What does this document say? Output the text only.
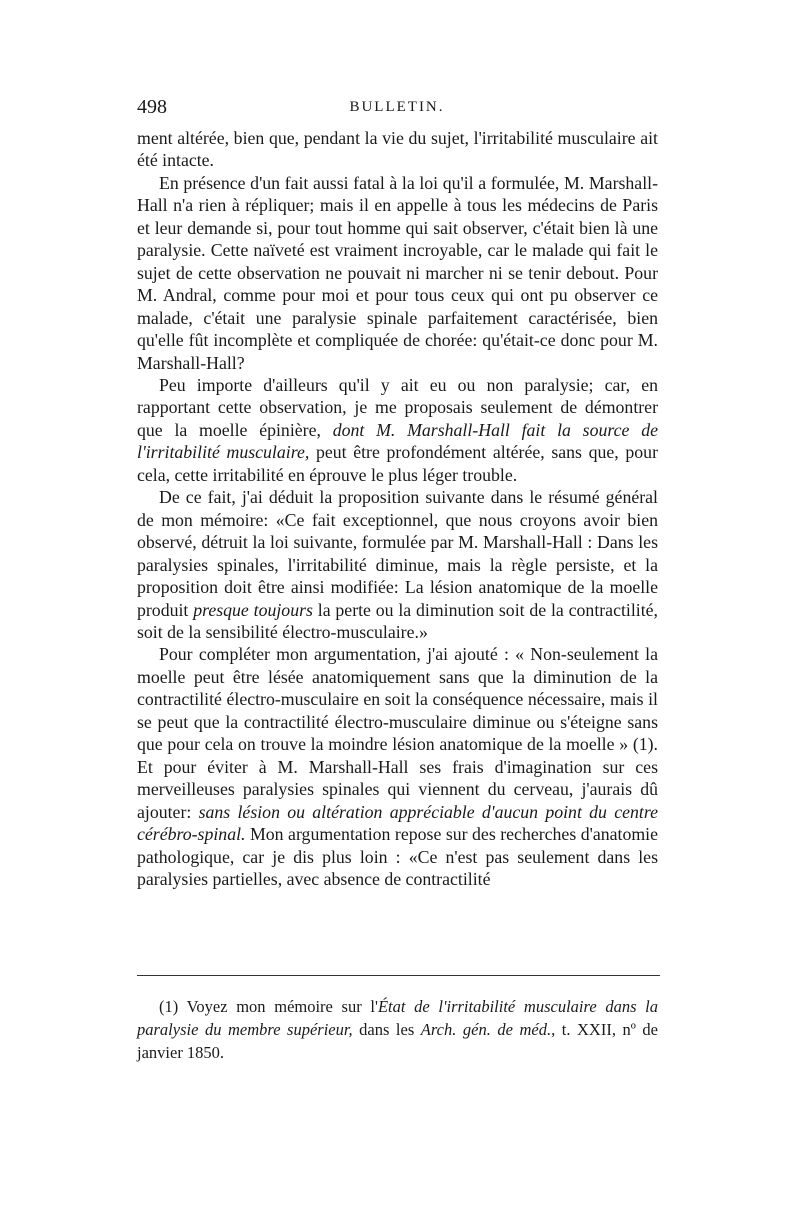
498	BULLETIN.

ment altérée, bien que, pendant la vie du sujet, l'irritabilité musculaire ait été intacte.

En présence d'un fait aussi fatal à la loi qu'il a formulée, M. Marshall-Hall n'a rien à répliquer; mais il en appelle à tous les médecins de Paris et leur demande si, pour tout homme qui sait observer, c'était bien là une paralysie. Cette naïveté est vraiment incroyable, car le malade qui fait le sujet de cette observation ne pouvait ni marcher ni se tenir debout. Pour M. Andral, comme pour moi et pour tous ceux qui ont pu observer ce malade, c'était une paralysie spinale parfaitement caractérisée, bien qu'elle fût incomplète et compliquée de chorée: qu'était-ce donc pour M. Marshall-Hall?

Peu importe d'ailleurs qu'il y ait eu ou non paralysie; car, en rapportant cette observation, je me proposais seulement de démontrer que la moelle épinière, dont M. Marshall-Hall fait la source de l'irritabilité musculaire, peut être profondément altérée, sans que, pour cela, cette irritabilité en éprouve le plus léger trouble.

De ce fait, j'ai déduit la proposition suivante dans le résumé général de mon mémoire: «Ce fait exceptionnel, que nous croyons avoir bien observé, détruit la loi suivante, formulée par M. Marshall-Hall : Dans les paralysies spinales, l'irritabilité diminue, mais la règle persiste, et la proposition doit être ainsi modifiée: La lésion anatomique de la moelle produit presque toujours la perte ou la diminution soit de la contractilité, soit de la sensibilité électro-musculaire.»

Pour compléter mon argumentation, j'ai ajouté : « Non-seulement la moelle peut être lésée anatomiquement sans que la diminution de la contractilité électro-musculaire en soit la conséquence nécessaire, mais il se peut que la contractilité électro-musculaire diminue ou s'éteigne sans que pour cela on trouve la moindre lésion anatomique de la moelle » (1). Et pour éviter à M. Marshall-Hall ses frais d'imagination sur ces merveilleuses paralysies spinales qui viennent du cerveau, j'aurais dû ajouter: sans lésion ou altération appréciable d'aucun point du centre cérébro-spinal. Mon argumentation repose sur des recherches d'anatomie pathologique, car je dis plus loin : «Ce n'est pas seulement dans les paralysies partielles, avec absence de contractilité

(1) Voyez mon mémoire sur l'État de l'irritabilité musculaire dans la paralysie du membre supérieur, dans les Arch. gén. de méd., t. XXII, nº de janvier 1850.
